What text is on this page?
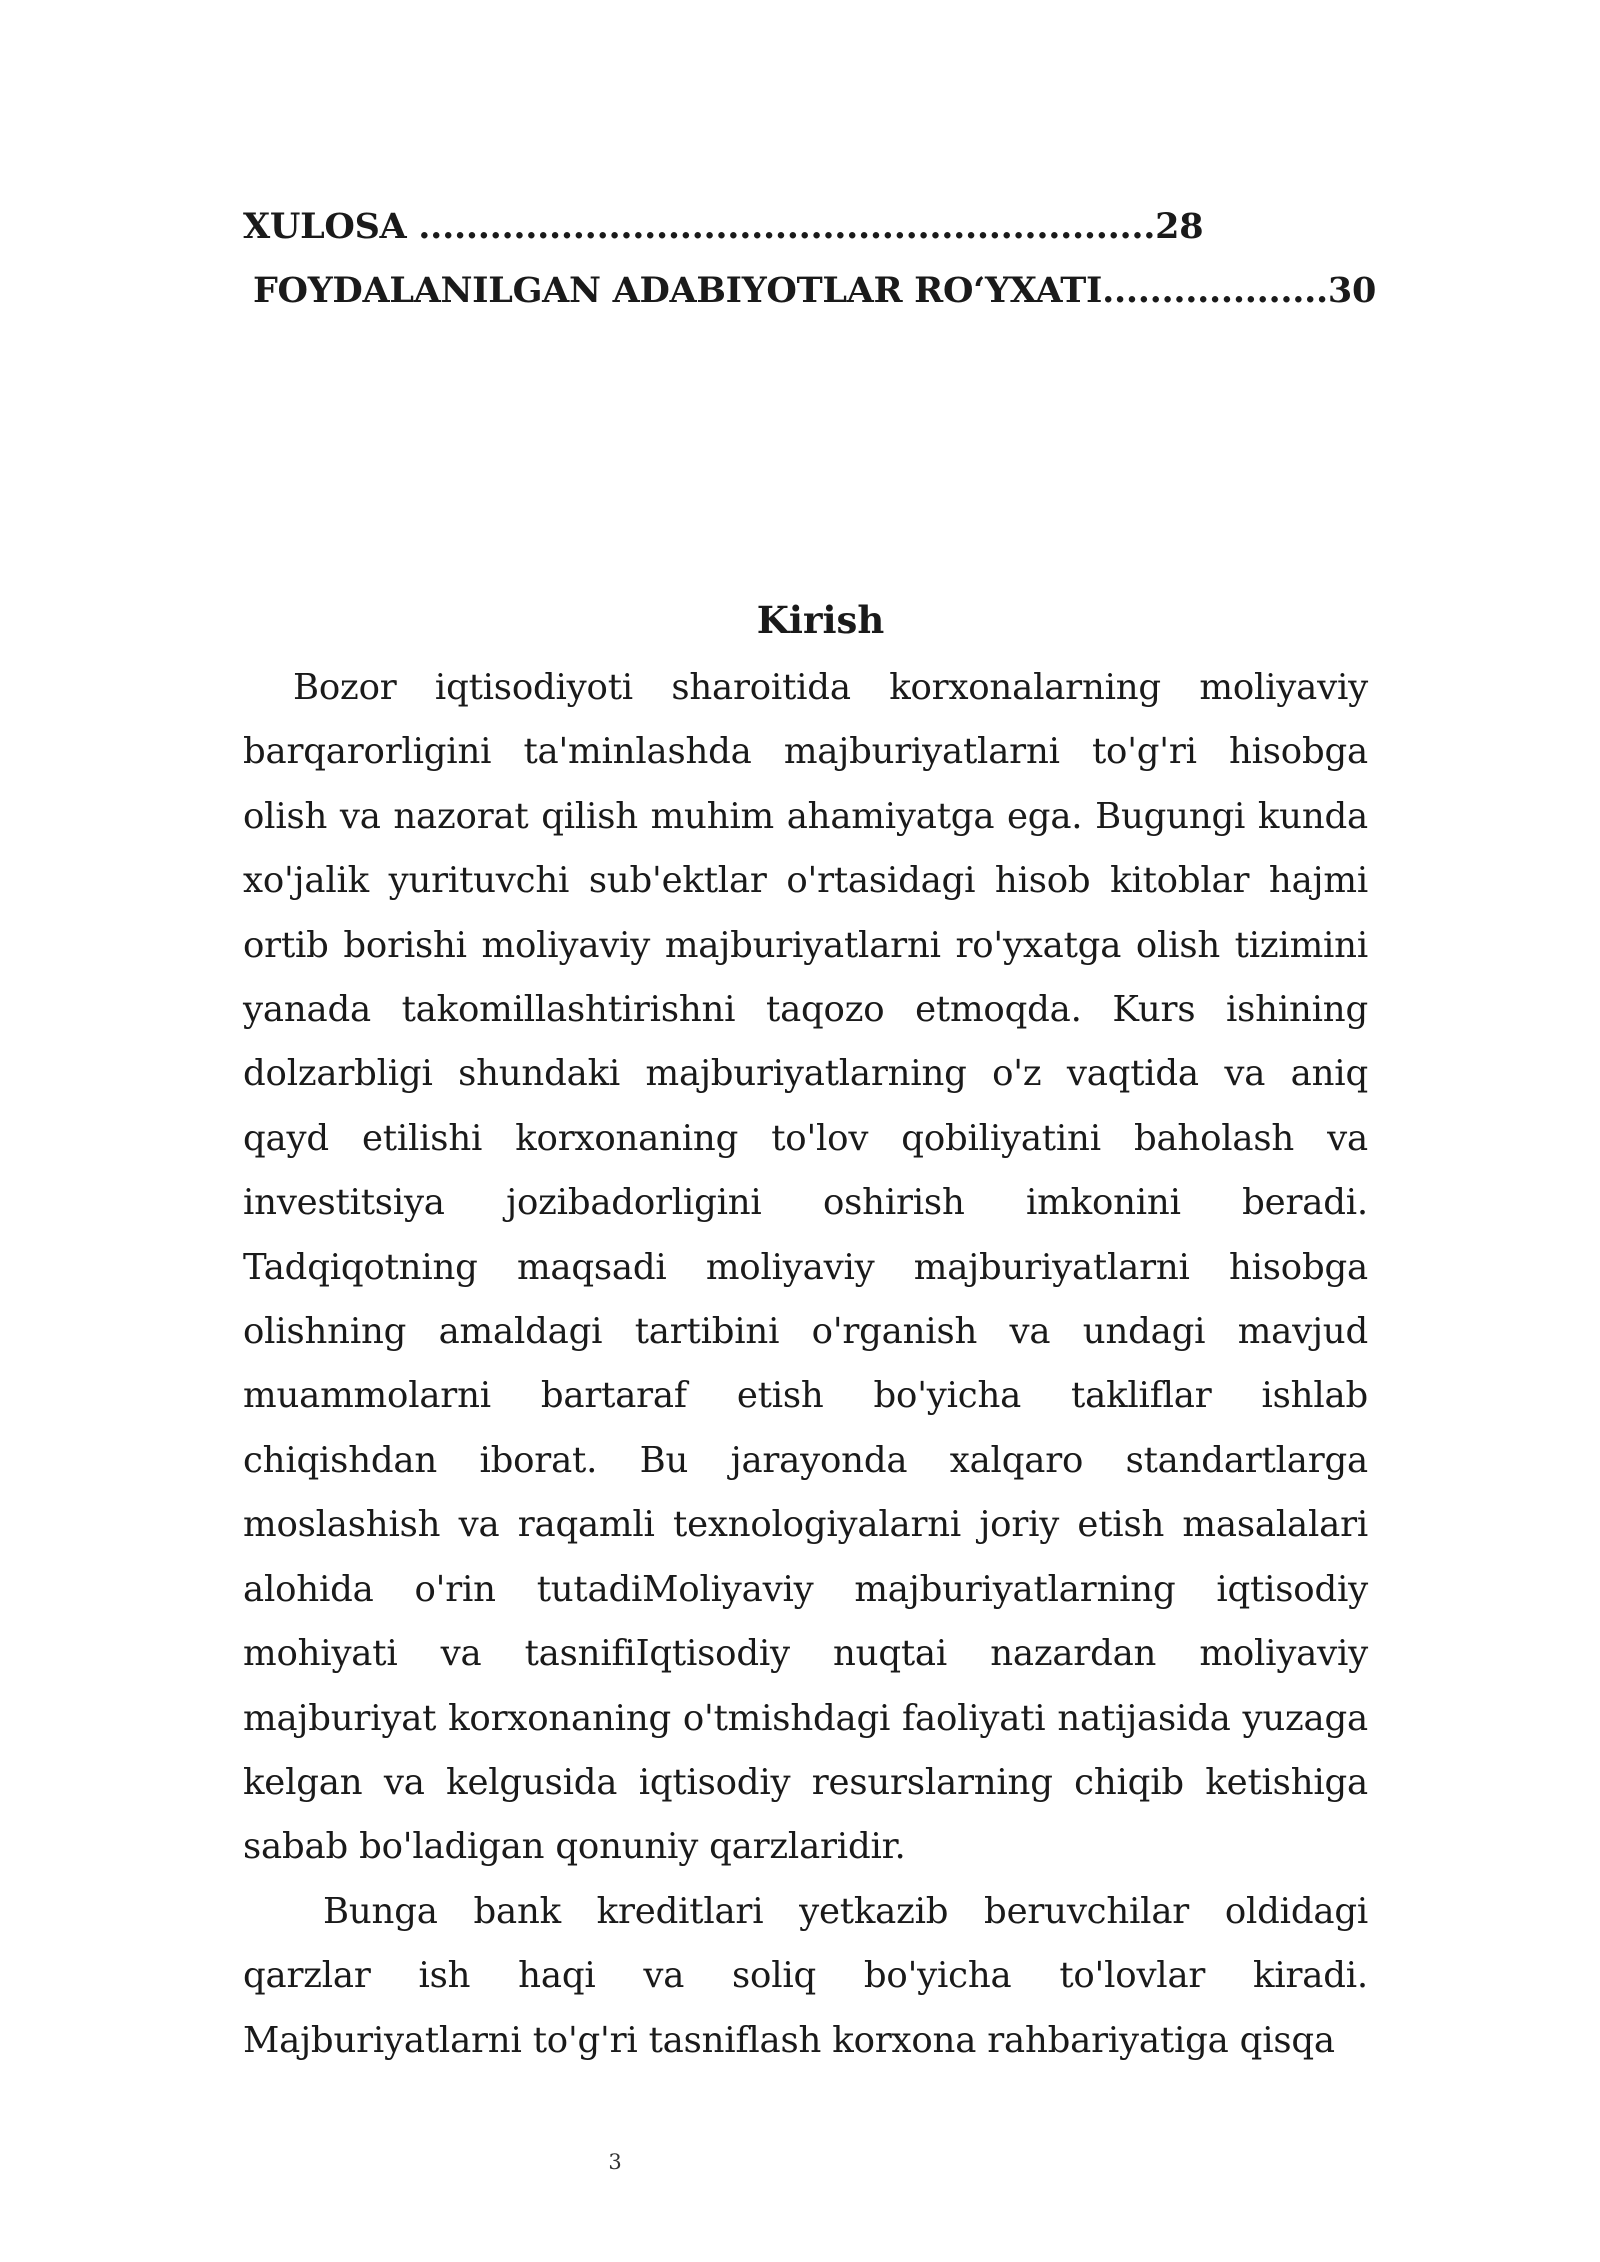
XULOSA ..............................................................28
FOYDALANILGAN ADABIYOTLAR RO‘YXATI...................30
Kirish

Bozor iqtisodiyoti sharoitida korxonalarning moliyaviy barqarorligini ta'minlashda majburiyatlarni to'g'ri hisobga olish va nazorat qilish muhim ahamiyatga ega. Bugungi kunda xo'jalik yurituvchi sub'ektlar o'rtasidagi hisob kitoblar hajmi ortib borishi moliyaviy majburiyatlarni ro'yxatga olish tizimini yanada takomillashtirishni taqozo etmoqda. Kurs ishining dolzarbligi shundaki majburiyatlarning o'z vaqtida va aniq qayd etilishi korxonaning to'lov qobiliyatini baholash va investitsiya jozibadorligini oshirish imkonini beradi. Tadqiqotning maqsadi moliyaviy majburiyatlarni hisobga olishning amaldagi tartibini o'rganish va undagi mavjud muammolarni bartaraf etish bo'yicha takliflar ishlab chiqishdan iborat. Bu jarayonda xalqaro standartlarga moslashish va raqamli texnologiyalarni joriy etish masalalari alohida o'rin tutadiMoliyaviy majburiyatlarning iqtisodiy mohiyati va tasnifiIqtisodiy nuqtai nazardan moliyaviy majburiyat korxonaning o'tmishdagi faoliyati natijasida yuzaga kelgan va kelgusida iqtisodiy resurslarning chiqib ketishiga sabab bo'ladigan qonuniy qarzlaridir.

Bunga bank kreditlari yetkazib beruvchilar oldidagi qarzlar ish haqi va soliq bo'yicha to'lovlar kiradi. Majburiyatlarni to'g'ri tasniflash korxona rahbariyatiga qisqa

3
